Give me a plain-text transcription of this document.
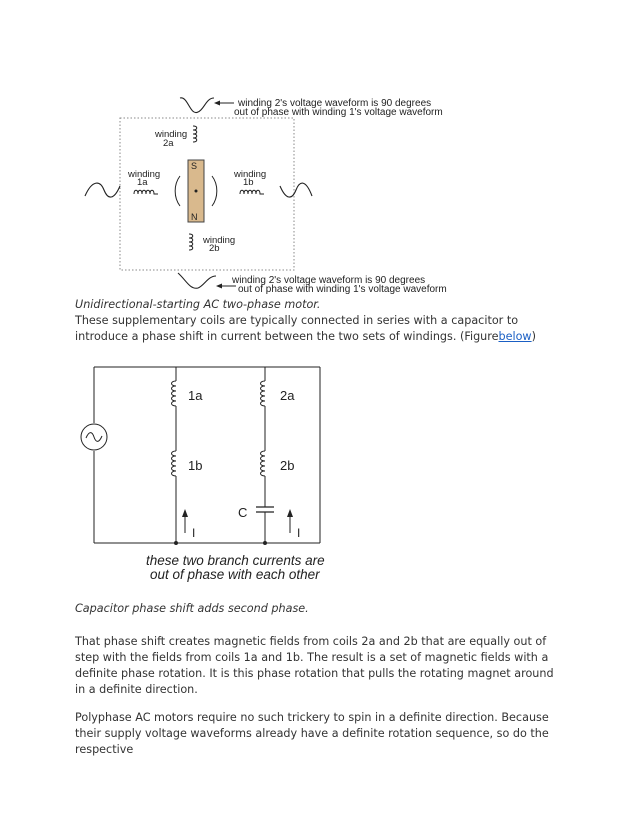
winding 2's voltage waveform is 90 degrees
out of phase with winding 1's voltage waveform
winding
2a
S
N
winding
1a
winding
1b
winding
2b
winding 2's voltage waveform is 90 degrees
out of phase with winding 1's voltage waveform

Unidirectional-starting AC two-phase motor.

These supplementary coils are typically connected in series with a capacitor to introduce a phase shift in current between the two sets of windings. (Figurebelow)

1a
1b
2a
2b
C
I	I
these two branch currents are
out of phase with each other

Capacitor phase shift adds second phase.

That phase shift creates magnetic fields from coils 2a and 2b that are equally out of step with the fields from coils 1a and 1b. The result is a set of magnetic fields with a definite phase rotation. It is this phase rotation that pulls the rotating magnet around in a definite direction.

Polyphase AC motors require no such trickery to spin in a definite direction. Because their supply voltage waveforms already have a definite rotation sequence, so do the respective
